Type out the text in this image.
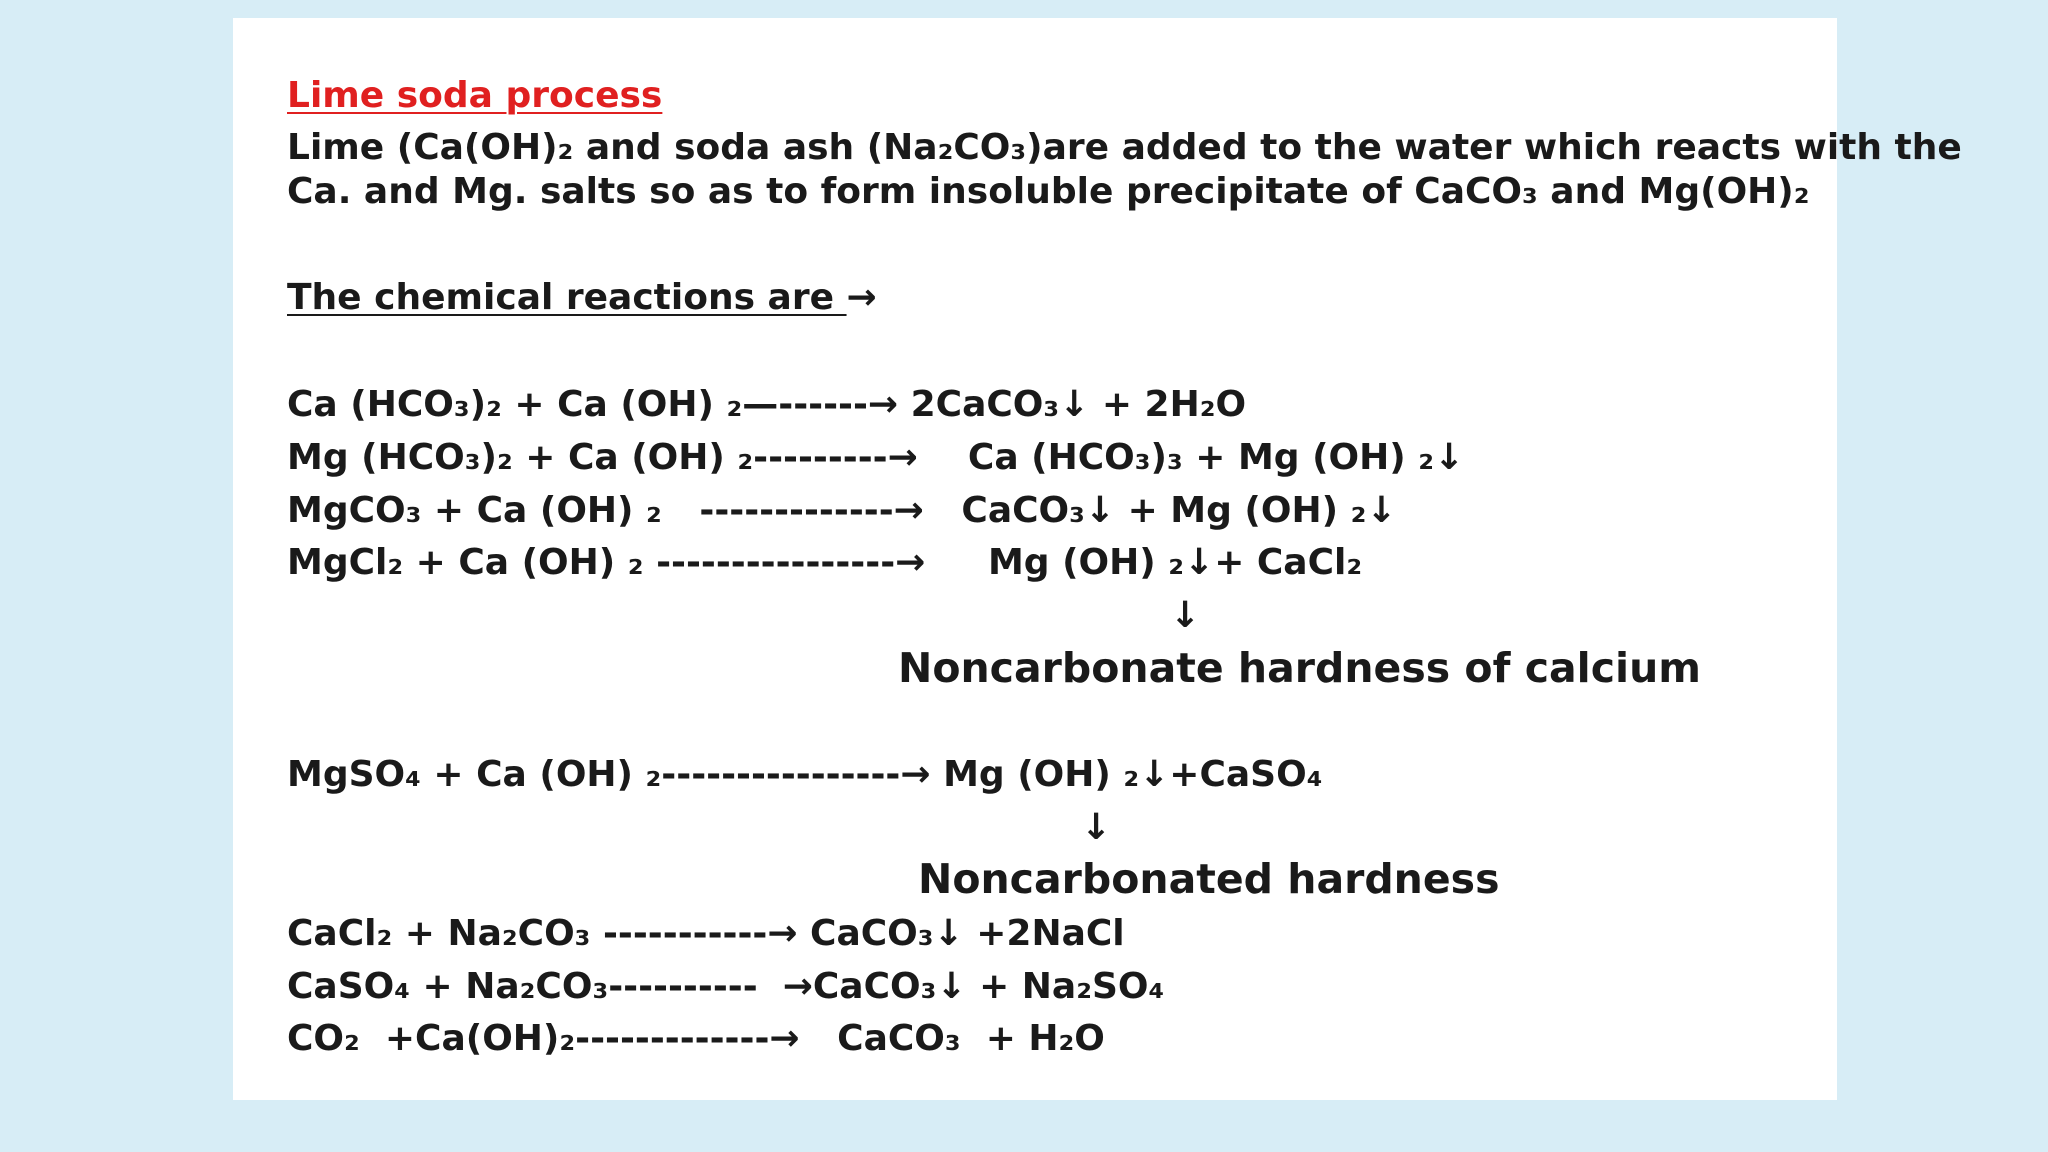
Lime soda process
Lime (Ca(OH)₂ and soda ash (Na₂CO₃)are added to the water which reacts with the
Ca. and Mg. salts so as to form insoluble precipitate of CaCO₃ and Mg(OH)₂
The chemical reactions are →
Ca (HCO₃)₂ + Ca (OH) ₂—------→ 2CaCO₃↓ + 2H₂O
Mg (HCO₃)₂ + Ca (OH) ₂---------→    Ca (HCO₃)₃ + Mg (OH) ₂↓
MgCO₃ + Ca (OH) ₂   -------------→   CaCO₃↓ + Mg (OH) ₂↓
MgCl₂ + Ca (OH) ₂ ----------------→     Mg (OH) ₂↓+ CaCl₂
↓
Noncarbonate hardness of calcium
MgSO₄ + Ca (OH) ₂----------------→ Mg (OH) ₂↓+CaSO₄
↓
Noncarbonated hardness
CaCl₂ + Na₂CO₃ -----------→ CaCO₃↓ +2NaCl
CaSO₄ + Na₂CO₃----------  →CaCO₃↓ + Na₂SO₄
CO₂  +Ca(OH)₂-------------→   CaCO₃  + H₂O
